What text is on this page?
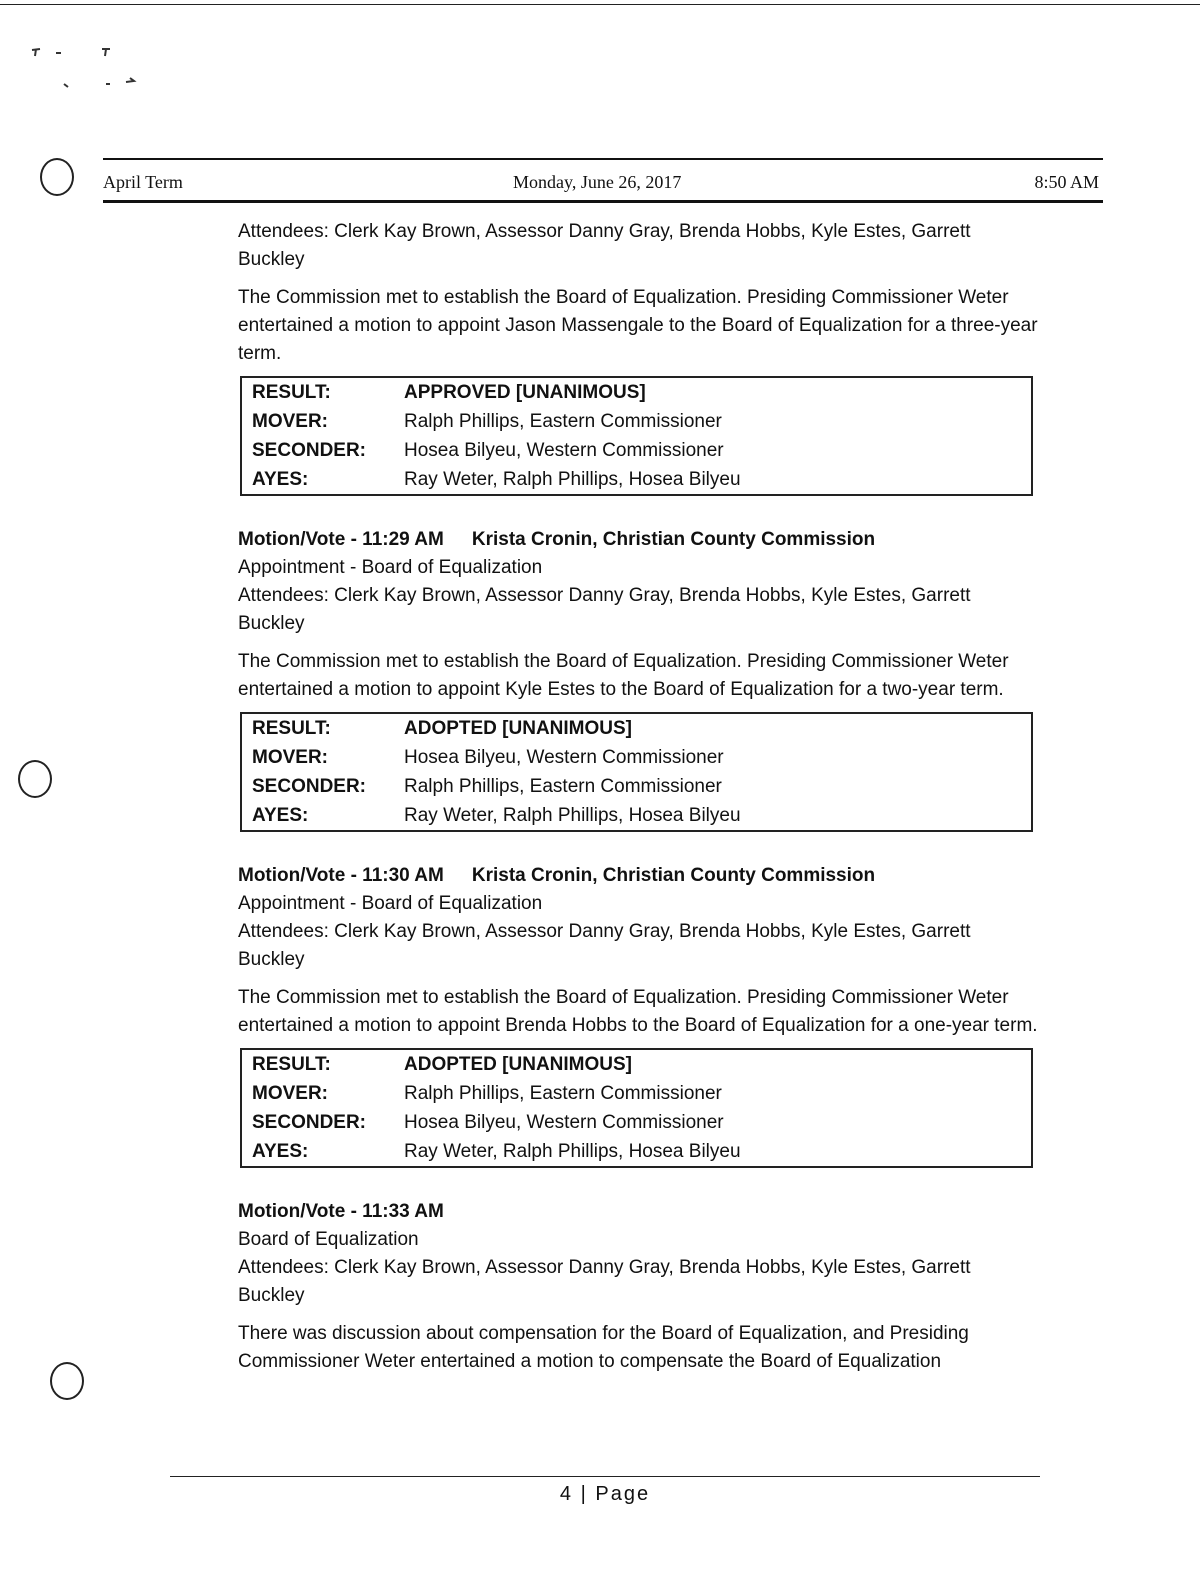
April Term	Monday, June 26, 2017	8:50 AM

Attendees: Clerk Kay Brown, Assessor Danny Gray, Brenda Hobbs, Kyle Estes, Garrett Buckley

The Commission met to establish the Board of Equalization. Presiding Commissioner Weter entertained a motion to appoint Jason Massengale to the Board of Equalization for a three-year term.

RESULT:	APPROVED [UNANIMOUS]
MOVER:	Ralph Phillips, Eastern Commissioner
SECONDER:	Hosea Bilyeu, Western Commissioner
AYES:	Ray Weter, Ralph Phillips, Hosea Bilyeu
Motion/Vote - 11:29 AM Krista Cronin, Christian County Commission

Appointment - Board of Equalization

Attendees: Clerk Kay Brown, Assessor Danny Gray, Brenda Hobbs, Kyle Estes, Garrett Buckley

The Commission met to establish the Board of Equalization. Presiding Commissioner Weter entertained a motion to appoint Kyle Estes to the Board of Equalization for a two-year term.

RESULT:	ADOPTED [UNANIMOUS]
MOVER:	Hosea Bilyeu, Western Commissioner
SECONDER:	Ralph Phillips, Eastern Commissioner
AYES:	Ray Weter, Ralph Phillips, Hosea Bilyeu
Motion/Vote - 11:30 AM Krista Cronin, Christian County Commission

Appointment - Board of Equalization

Attendees: Clerk Kay Brown, Assessor Danny Gray, Brenda Hobbs, Kyle Estes, Garrett Buckley

The Commission met to establish the Board of Equalization. Presiding Commissioner Weter entertained a motion to appoint Brenda Hobbs to the Board of Equalization for a one-year term.

RESULT:	ADOPTED [UNANIMOUS]
MOVER:	Ralph Phillips, Eastern Commissioner
SECONDER:	Hosea Bilyeu, Western Commissioner
AYES:	Ray Weter, Ralph Phillips, Hosea Bilyeu
Motion/Vote - 11:33 AM

Board of Equalization

Attendees: Clerk Kay Brown, Assessor Danny Gray, Brenda Hobbs, Kyle Estes, Garrett Buckley

There was discussion about compensation for the Board of Equalization, and Presiding Commissioner Weter entertained a motion to compensate the Board of Equalization

4 | Page
